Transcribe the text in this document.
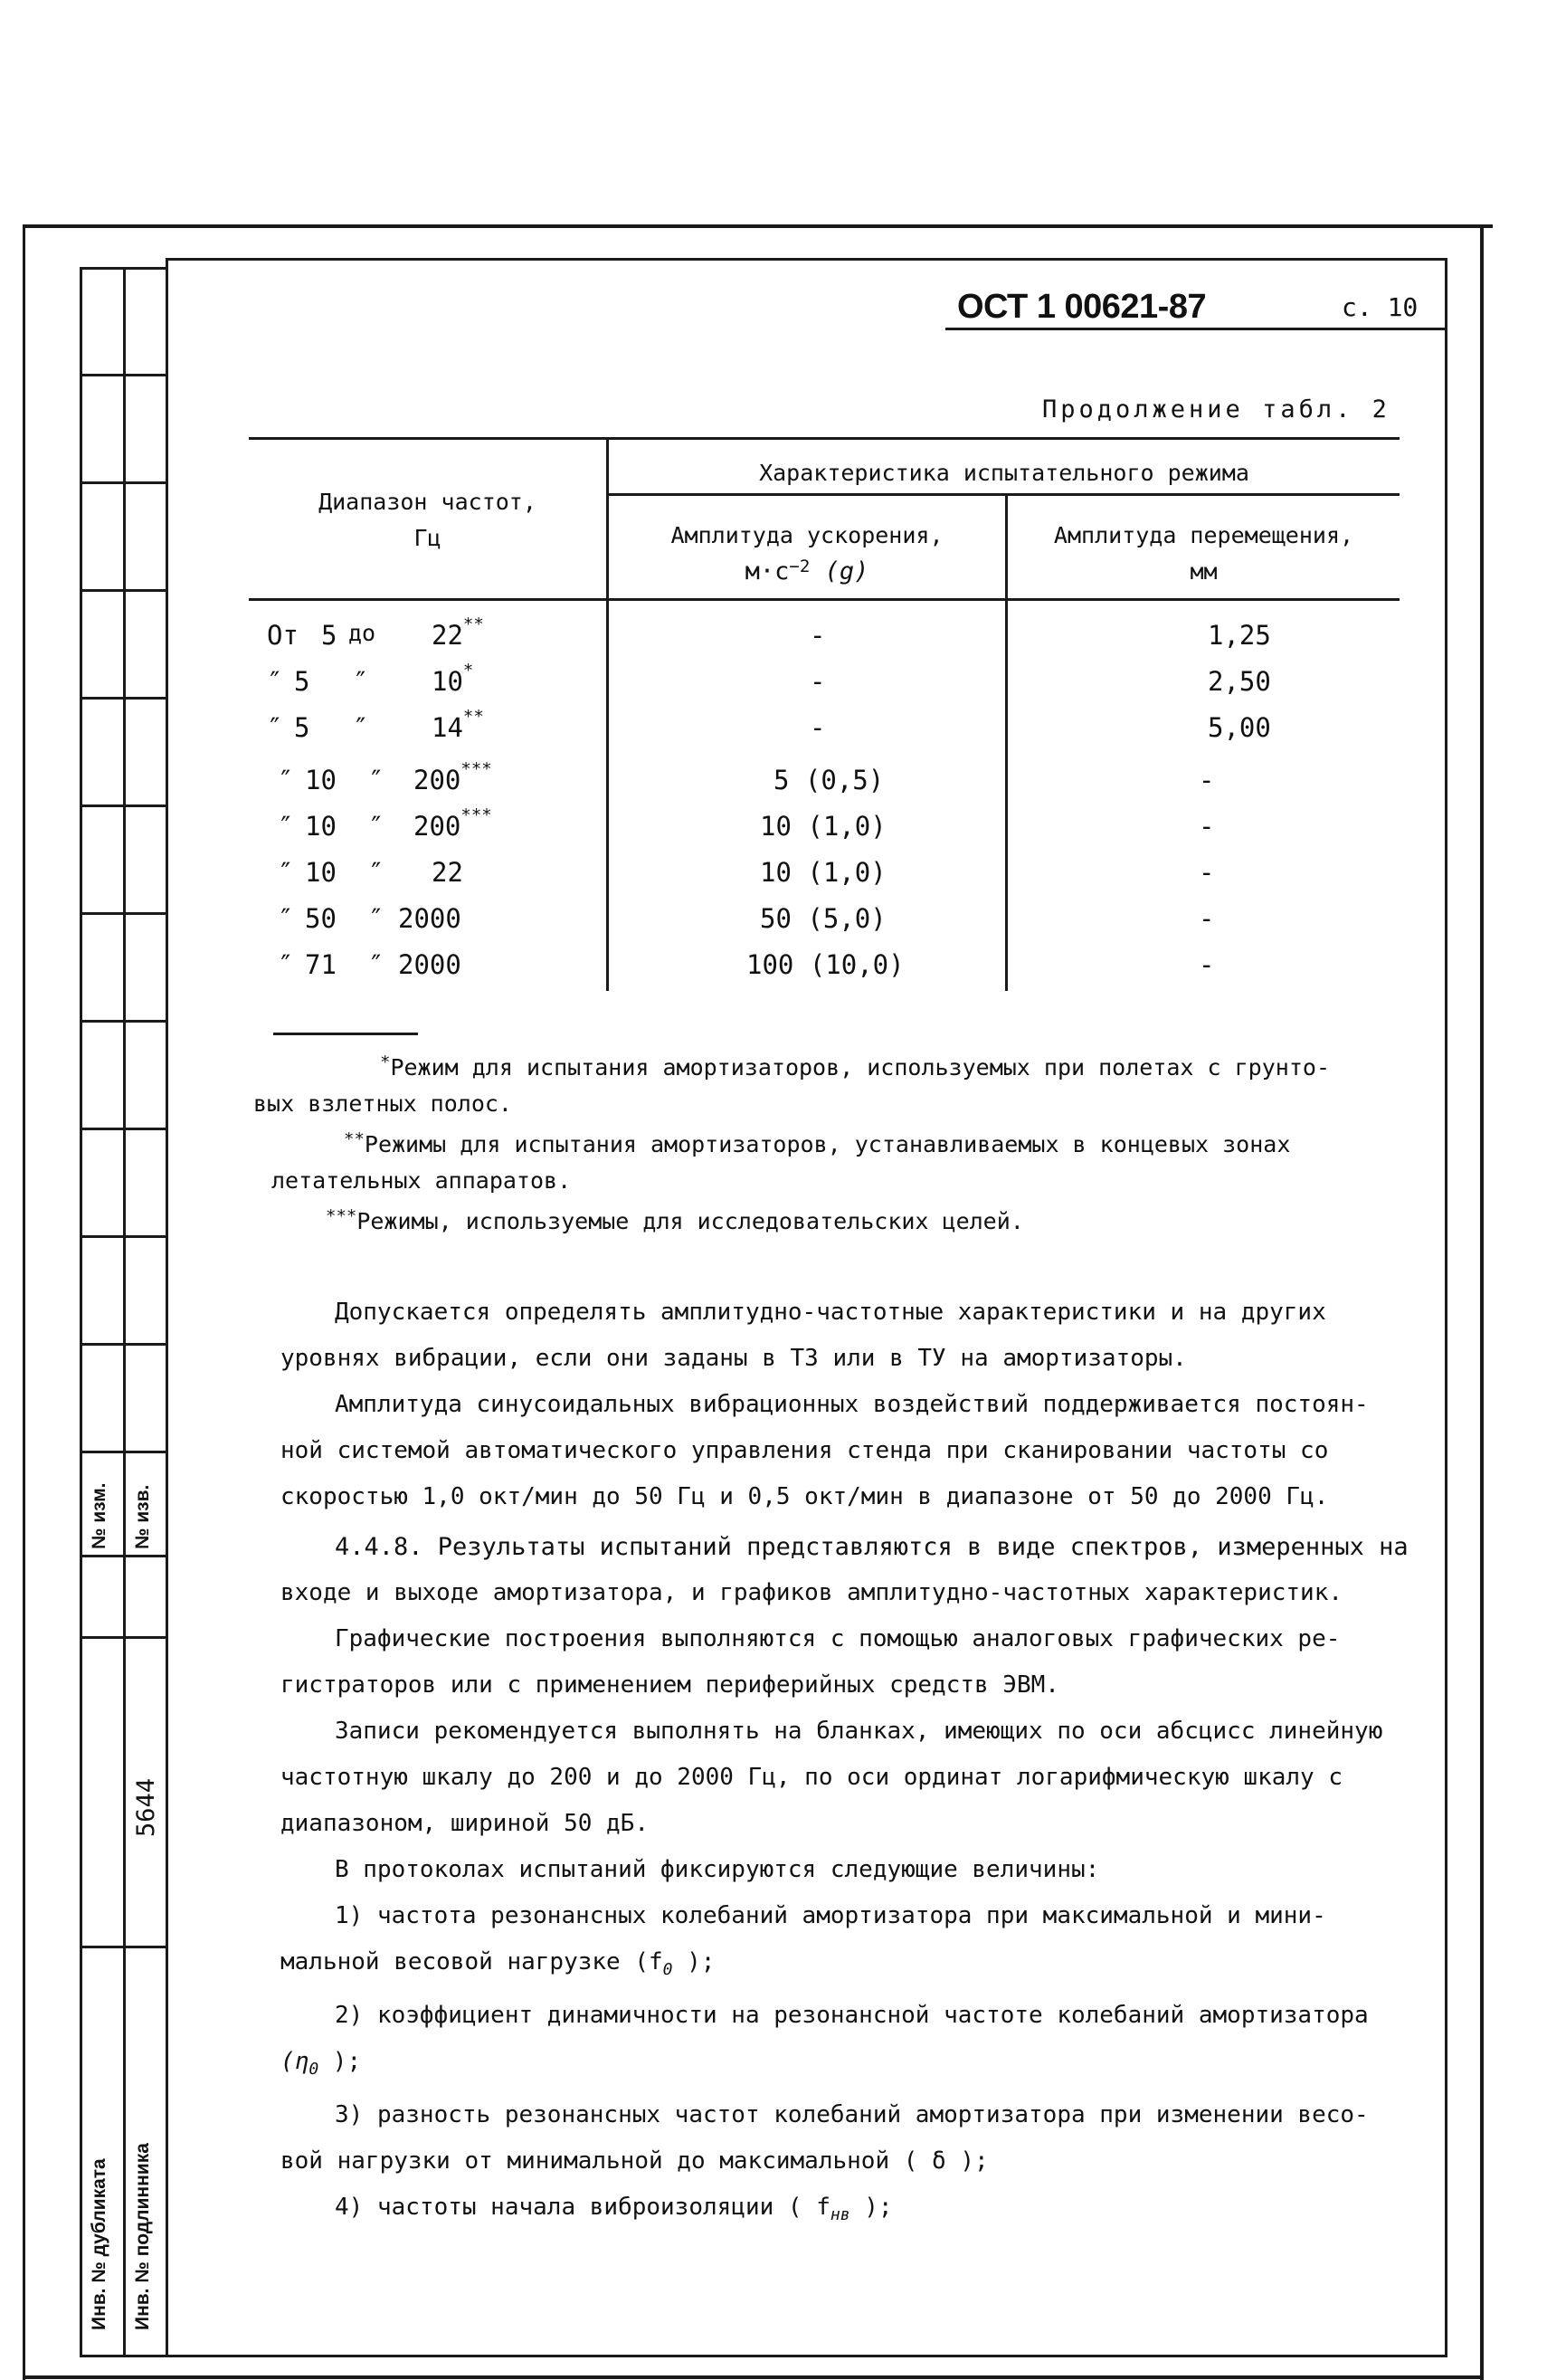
№ изм. № изв.
5644
Инв. № дубликата Инв. № подлинника
ОСТ 1 00621-87	с. 10
Продолжение табл. 2
Диапазон частот,
Гц
Характеристика испытательного режима
Амплитуда ускорения,
$м\cdot с^{-2}$ (g)
Амплитуда перемещения,
мм
От 5 до 22**	-	1,25
″ 5 ″ 10*	-	2,50
″ 5 ″ 14**	-	5,00
″ 10 ″ 200***	5 (0,5)	-
″ 10 ″ 200***	10 (1,0)	-
″ 10 ″ 22	10 (1,0)	-
″ 50 ″ 2000	50 (5,0)	-
″ 71 ″ 2000	100 (10,0)	-
*Режим для испытания амортизаторов, используемых при полетах с грунто-
вых взлетных полос.
**Режимы для испытания амортизаторов, устанавливаемых в концевых зонах
летательных аппаратов.
***Режимы, используемые для исследовательских целей.
Допускается определять амплитудно-частотные характеристики и на других
уровнях вибрации, если они заданы в ТЗ или в ТУ на амортизаторы.
Амплитуда синусоидальных вибрационных воздействий поддерживается постоян-
ной системой автоматического управления стенда при сканировании частоты со
скоростью 1,0 окт/мин до 50 Гц и 0,5 окт/мин в диапазоне от 50 до 2000 Гц.
4.4.8. Результаты испытаний представляются в виде спектров, измеренных на
входе и выходе амортизатора, и графиков амплитудно-частотных характеристик.
Графические построения выполняются с помощью аналоговых графических ре-
гистраторов или с применением периферийных средств ЭВМ.
Записи рекомендуется выполнять на бланках, имеющих по оси абсцисс линейную
частотную шкалу до 200 и до 2000 Гц, по оси ординат логарифмическую шкалу с
диапазоном, шириной 50 дБ.
В протоколах испытаний фиксируются следующие величины:
1) частота резонансных колебаний амортизатора при максимальной и мини-
мальной весовой нагрузке ($f_0$ );
2) коэффициент динамичности на резонансной частоте колебаний амортизатора
($\eta_0$ );
3) разность резонансных частот колебаний амортизатора при изменении весо-
вой нагрузки от минимальной до максимальной ( δ );
4) частоты начала виброизоляции ( $f_{нв}$ );
